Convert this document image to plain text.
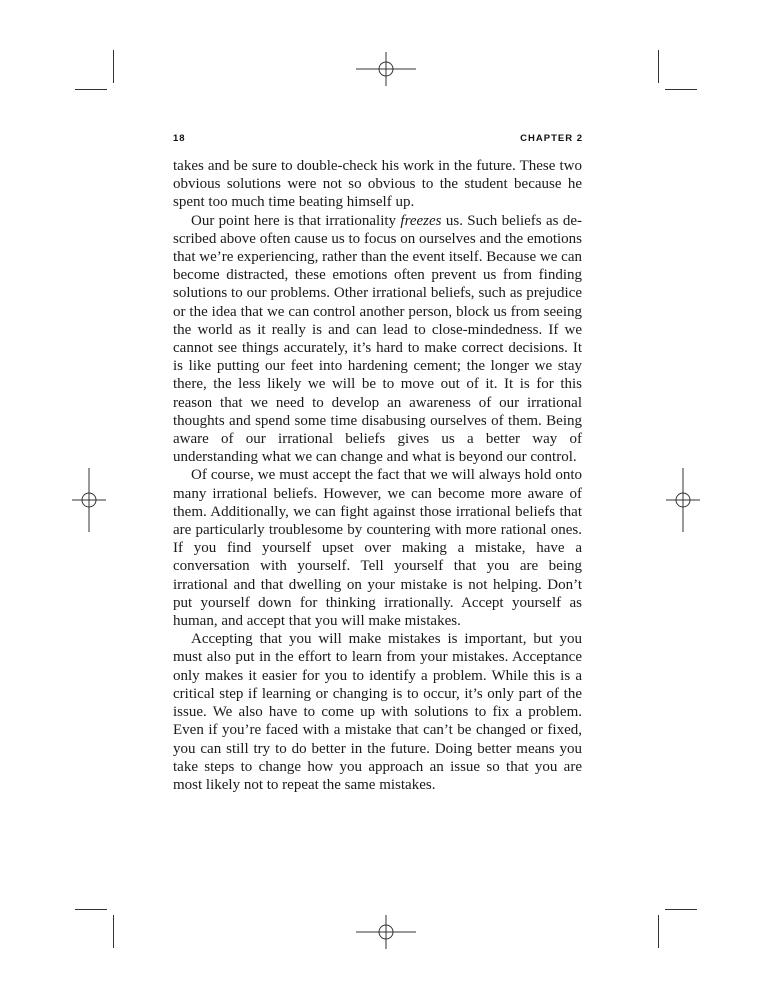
18	CHAPTER 2

takes and be sure to double-check his work in the future. These two obvious solutions were not so obvious to the student because he spent too much time beating himself up.

Our point here is that irrationality freezes us. Such beliefs as described above often cause us to focus on ourselves and the emotions that we’re experiencing, rather than the event itself. Because we can become distracted, these emotions often prevent us from finding solutions to our problems. Other irrational beliefs, such as prejudice or the idea that we can control another person, block us from seeing the world as it really is and can lead to close-mindedness. If we cannot see things accurately, it’s hard to make correct decisions. It is like putting our feet into hardening cement; the longer we stay there, the less likely we will be to move out of it. It is for this reason that we need to develop an awareness of our irrational thoughts and spend some time disabusing ourselves of them. Being aware of our irrational beliefs gives us a better way of understanding what we can change and what is beyond our control.

Of course, we must accept the fact that we will always hold onto many irrational beliefs. However, we can become more aware of them. Additionally, we can fight against those irrational beliefs that are particularly troublesome by countering with more rational ones. If you find yourself upset over making a mistake, have a conversation with yourself. Tell yourself that you are being irrational and that dwelling on your mistake is not helping. Don’t put yourself down for thinking irrationally. Accept yourself as human, and accept that you will make mistakes.

Accepting that you will make mistakes is important, but you must also put in the effort to learn from your mistakes. Acceptance only makes it easier for you to identify a problem. While this is a critical step if learning or changing is to occur, it’s only part of the issue. We also have to come up with solutions to fix a problem. Even if you’re faced with a mistake that can’t be changed or fixed, you can still try to do better in the future. Doing better means you take steps to change how you approach an issue so that you are most likely not to repeat the same mistakes.
